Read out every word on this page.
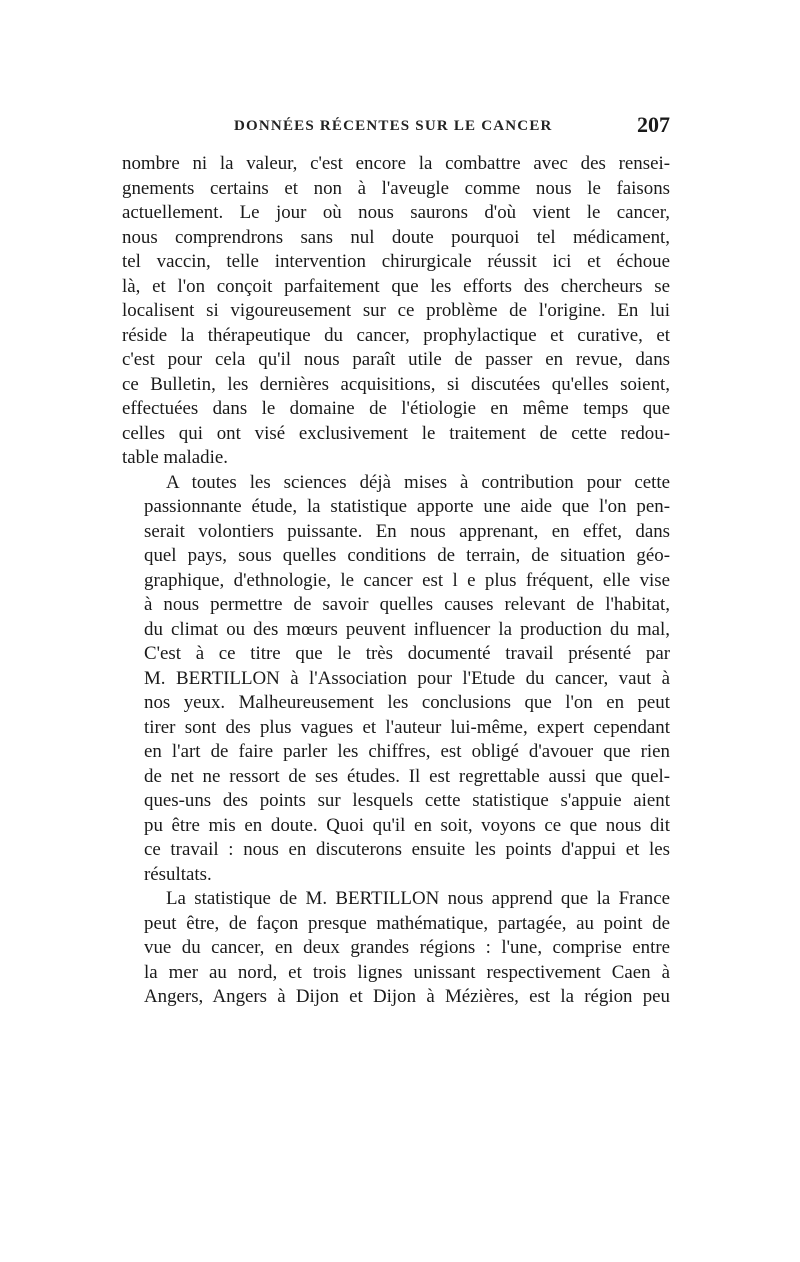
DONNÉES RÉCENTES SUR LE CANCER	207

nombre ni la valeur, c'est encore la combattre avec des rensei-
gnements certains et non à l'aveugle comme nous le faisons
actuellement. Le jour où nous saurons d'où vient le cancer,
nous comprendrons sans nul doute pourquoi tel médicament,
tel vaccin, telle intervention chirurgicale réussit ici et échoue
là, et l'on conçoit parfaitement que les efforts des chercheurs se
localisent si vigoureusement sur ce problème de l'origine. En lui
réside la thérapeutique du cancer, prophylactique et curative, et
c'est pour cela qu'il nous paraît utile de passer en revue, dans
ce Bulletin, les dernières acquisitions, si discutées qu'elles soient,
effectuées dans le domaine de l'étiologie en même temps que
celles qui ont visé exclusivement le traitement de cette redou-
table maladie.

A toutes les sciences déjà mises à contribution pour cette
passionnante étude, la statistique apporte une aide que l'on pen-
serait volontiers puissante. En nous apprenant, en effet, dans
quel pays, sous quelles conditions de terrain, de situation géo-
graphique, d'ethnologie, le cancer est l e plus fréquent, elle vise
à nous permettre de savoir quelles causes relevant de l'habitat,
du climat ou des mœurs peuvent influencer la production du mal,
C'est à ce titre que le très documenté travail présenté par
M. BERTILLON à l'Association pour l'Etude du cancer, vaut à
nos yeux. Malheureusement les conclusions que l'on en peut
tirer sont des plus vagues et l'auteur lui-même, expert cependant
en l'art de faire parler les chiffres, est obligé d'avouer que rien
de net ne ressort de ses études. Il est regrettable aussi que quel-
ques-uns des points sur lesquels cette statistique s'appuie aient
pu être mis en doute. Quoi qu'il en soit, voyons ce que nous dit
ce travail : nous en discuterons ensuite les points d'appui et les
résultats.

La statistique de M. BERTILLON nous apprend que la France
peut être, de façon presque mathématique, partagée, au point de
vue du cancer, en deux grandes régions : l'une, comprise entre
la mer au nord, et trois lignes unissant respectivement Caen à
Angers, Angers à Dijon et Dijon à Mézières, est la région peu
